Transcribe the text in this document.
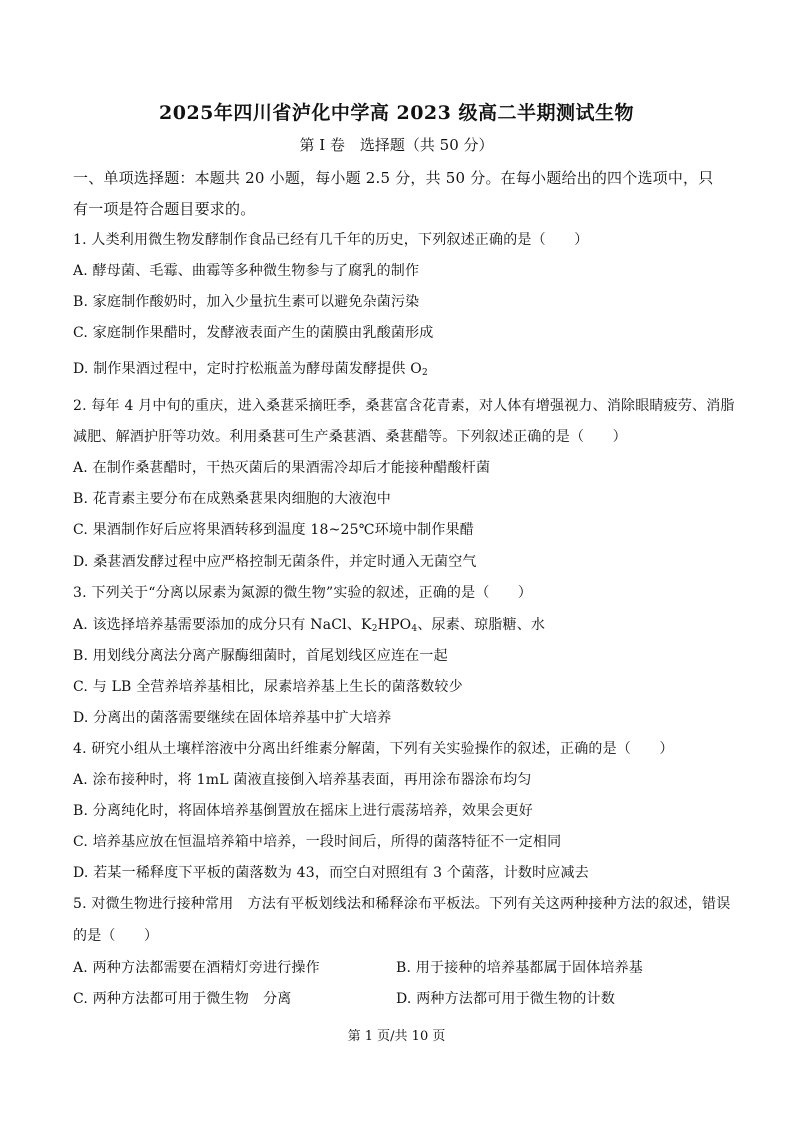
2025年四川省泸化中学高 2023 级高二半期测试生物
第 I 卷　选择题（共 50 分）
一、单项选择题：本题共 20 小题，每小题 2.5 分，共 50 分。在每小题给出的四个选项中，只
有一项是符合题目要求的。
1. 人类利用微生物发酵制作食品已经有几千年的历史，下列叙述正确的是（　　）
A. 酵母菌、毛霉、曲霉等多种微生物参与了腐乳的制作
B. 家庭制作酸奶时，加入少量抗生素可以避免杂菌污染
C. 家庭制作果醋时，发酵液表面产生的菌膜由乳酸菌形成
D. 制作果酒过程中，定时拧松瓶盖为酵母菌发酵提供 $O_2$
2. 每年 4 月中旬的重庆，进入桑葚采摘旺季，桑葚富含花青素，对人体有增强视力、消除眼睛疲劳、消脂
减肥、解酒护肝等功效。利用桑葚可生产桑葚酒、桑葚醋等。下列叙述正确的是（　　）
A. 在制作桑葚醋时，干热灭菌后的果酒需冷却后才能接种醋酸杆菌
B. 花青素主要分布在成熟桑葚果肉细胞的大液泡中
C. 果酒制作好后应将果酒转移到温度 18~25℃环境中制作果醋
D. 桑葚酒发酵过程中应严格控制无菌条件，并定时通入无菌空气
3. 下列关于“分离以尿素为氮源的微生物”实验的叙述，正确的是（　　）
A. 该选择培养基需要添加的成分只有 NaCl、$K_2HPO_4$、尿素、琼脂糖、水
B. 用划线分离法分离产脲酶细菌时，首尾划线区应连在一起
C. 与 LB 全营养培养基相比，尿素培养基上生长的菌落数较少
D. 分离出的菌落需要继续在固体培养基中扩大培养
4. 研究小组从土壤样溶液中分离出纤维素分解菌，下列有关实验操作的叙述，正确的是（　　）
A. 涂布接种时，将 1mL 菌液直接倒入培养基表面，再用涂布器涂布均匀
B. 分离纯化时，将固体培养基倒置放在摇床上进行震荡培养，效果会更好
C. 培养基应放在恒温培养箱中培养，一段时间后，所得的菌落特征不一定相同
D. 若某一稀释度下平板的菌落数为 43，而空白对照组有 3 个菌落，计数时应减去
5. 对微生物进行接种常用　方法有平板划线法和稀释涂布平板法。下列有关这两种接种方法的叙述，错误
的是（　　）
A. 两种方法都需要在酒精灯旁进行操作	B. 用于接种的培养基都属于固体培养基
C. 两种方法都可用于微生物　分离	D. 两种方法都可用于微生物的计数
第 1 页/共 10 页
